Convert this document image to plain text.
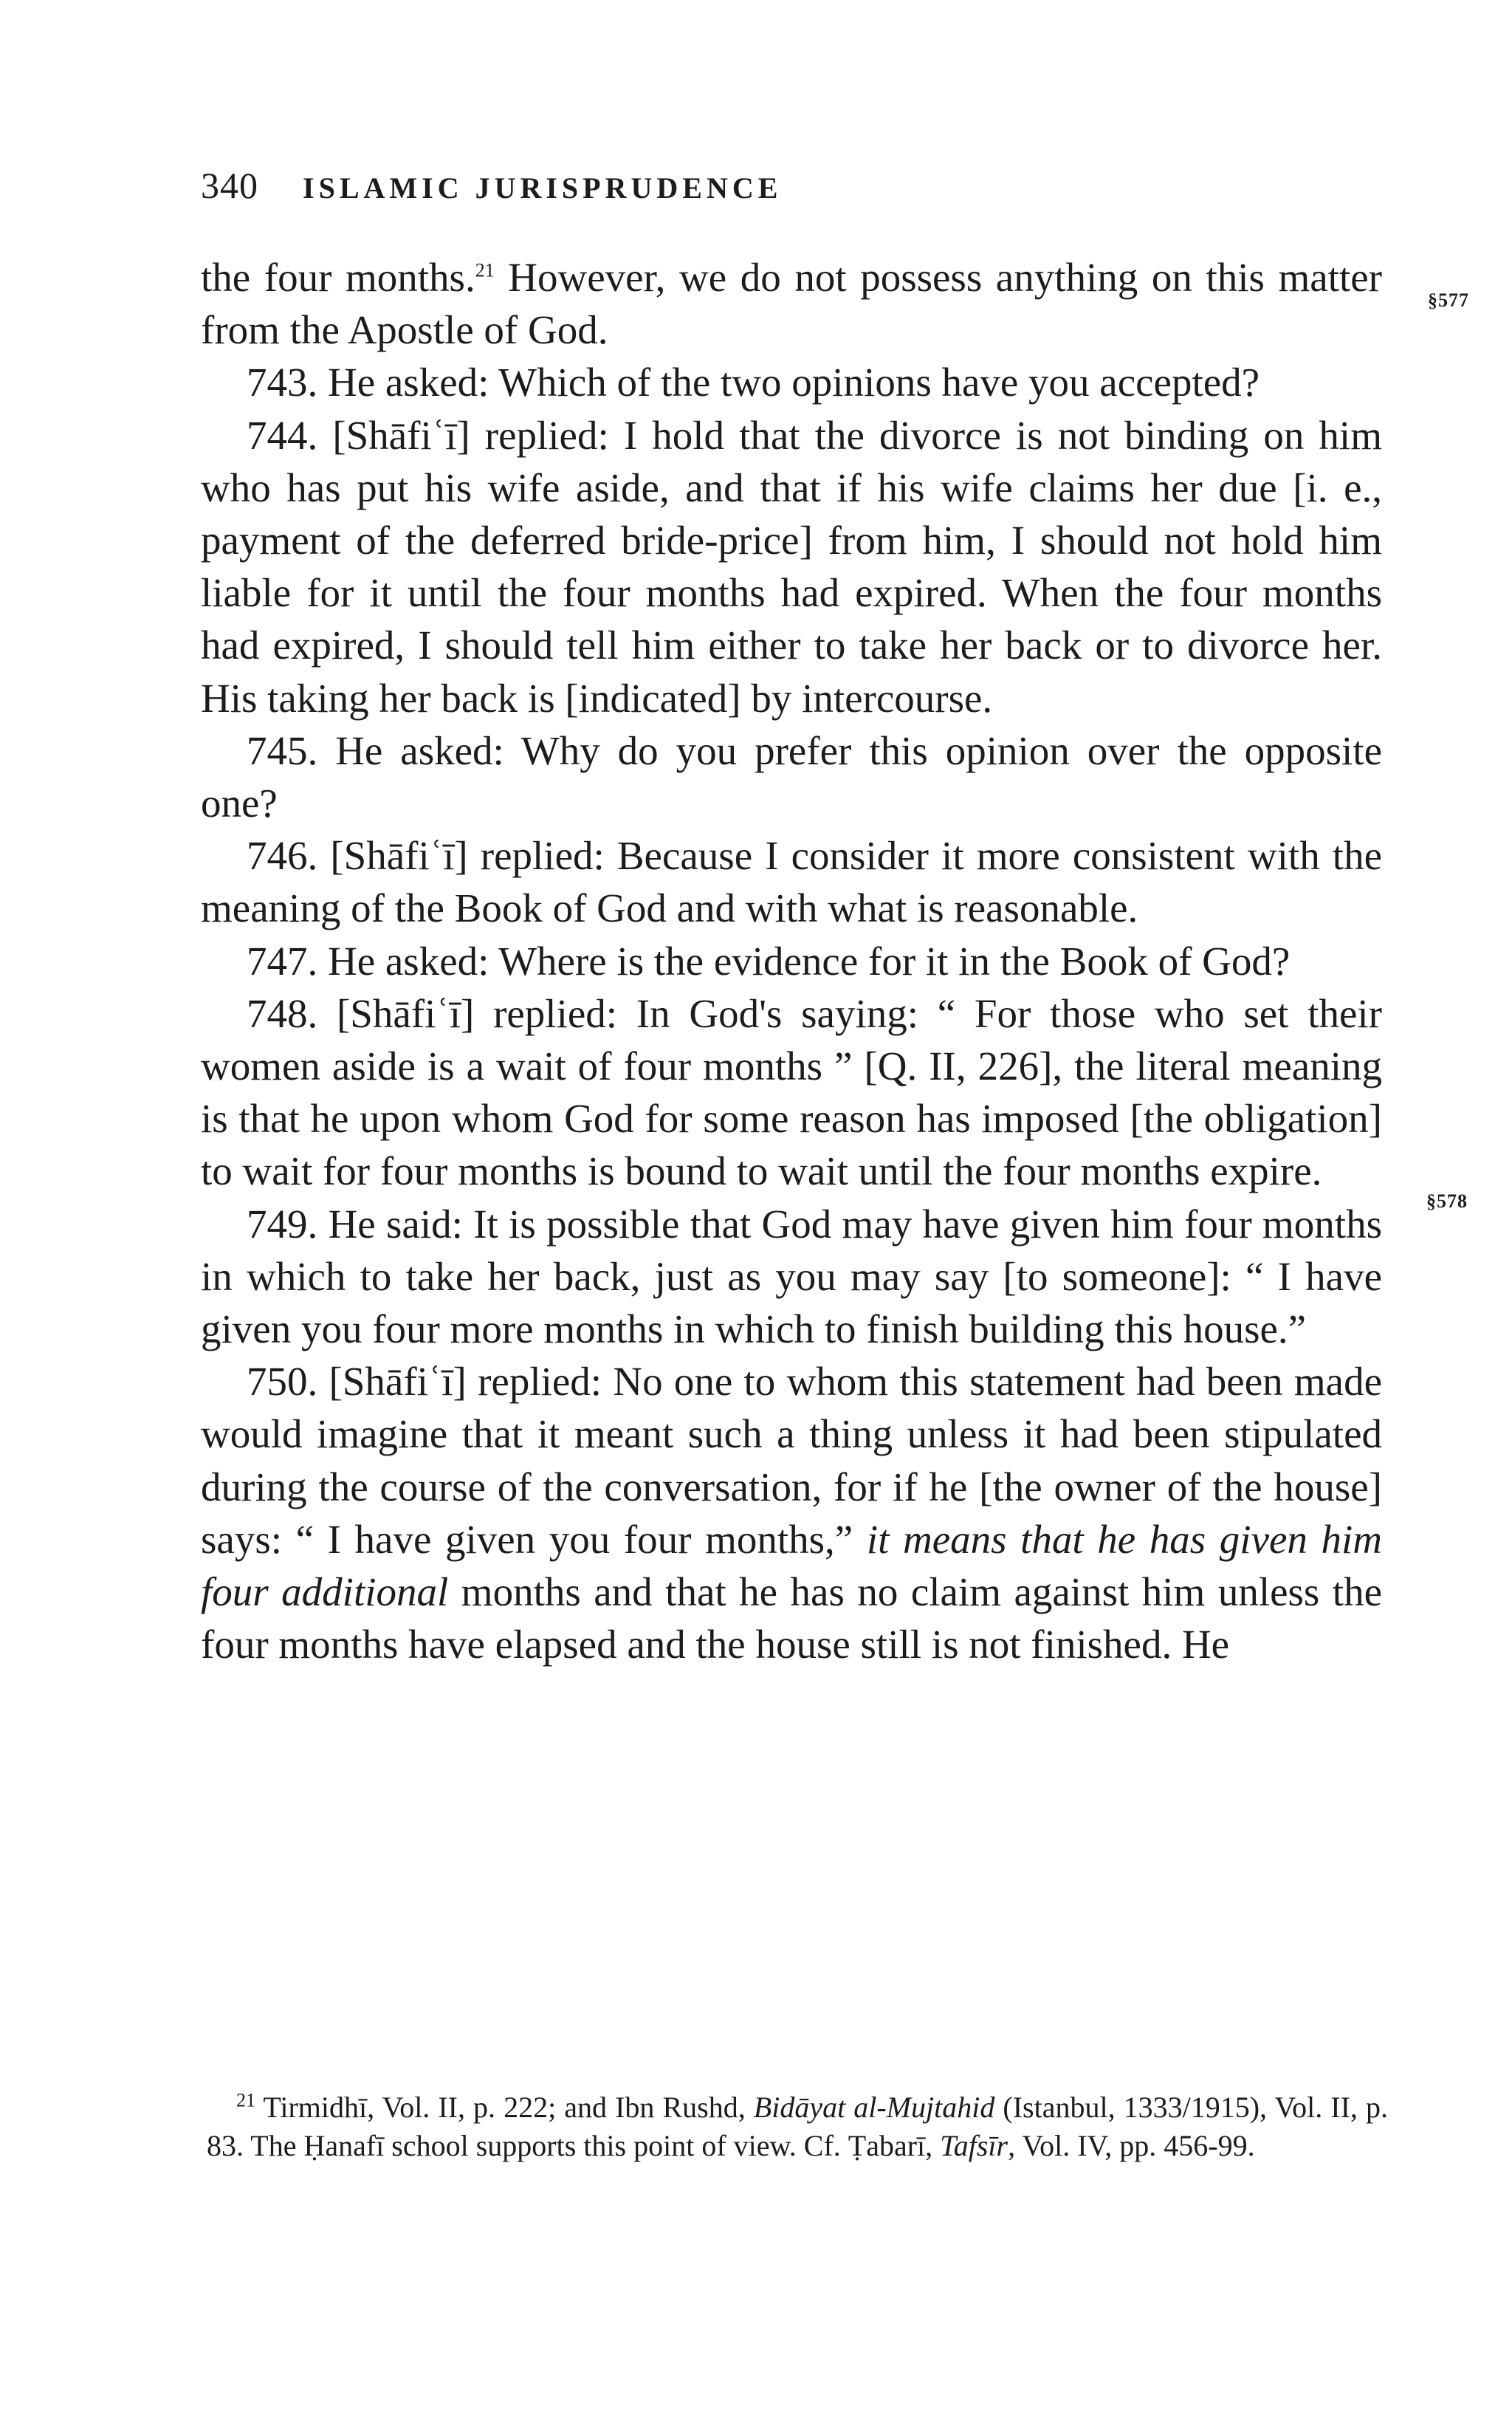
340 ISLAMIC JURISPRUDENCE
§577
§578

the four months.$^{21}$ However, we do not possess anything on this matter from the Apostle of God.

743. He asked: Which of the two opinions have you accepted?

744. [Shāfiʿī] replied: I hold that the divorce is not binding on him who has put his wife aside, and that if his wife claims her due [i. e., payment of the deferred bride-price] from him, I should not hold him liable for it until the four months had expired. When the four months had expired, I should tell him either to take her back or to divorce her. His taking her back is [indicated] by intercourse.

745. He asked: Why do you prefer this opinion over the opposite one?

746. [Shāfiʿī] replied: Because I consider it more consistent with the meaning of the Book of God and with what is reasonable.

747. He asked: Where is the evidence for it in the Book of God?

748. [Shāfiʿī] replied: In God's saying: “ For those who set their women aside is a wait of four months ” [Q. II, 226], the literal meaning is that he upon whom God for some reason has imposed [the obligation] to wait for four months is bound to wait until the four months expire.

749. He said: It is possible that God may have given him four months in which to take her back, just as you may say [to someone]: “ I have given you four more months in which to finish building this house.”

750. [Shāfiʿī] replied: No one to whom this statement had been made would imagine that it meant such a thing unless it had been stipulated during the course of the conversation, for if he [the owner of the house] says: “ I have given you four months,” it means that he has given him four additional months and that he has no claim against him unless the four months have elapsed and the house still is not finished. He

$^{21}$ Tirmidhī, Vol. II, p. 222; and Ibn Rushd, Bidāyat al-Mujtahid (Istanbul, 1333/1915), Vol. II, p. 83. The Ḥanafī school supports this point of view. Cf. Ṭabarī, Tafsīr, Vol. IV, pp. 456-99.
